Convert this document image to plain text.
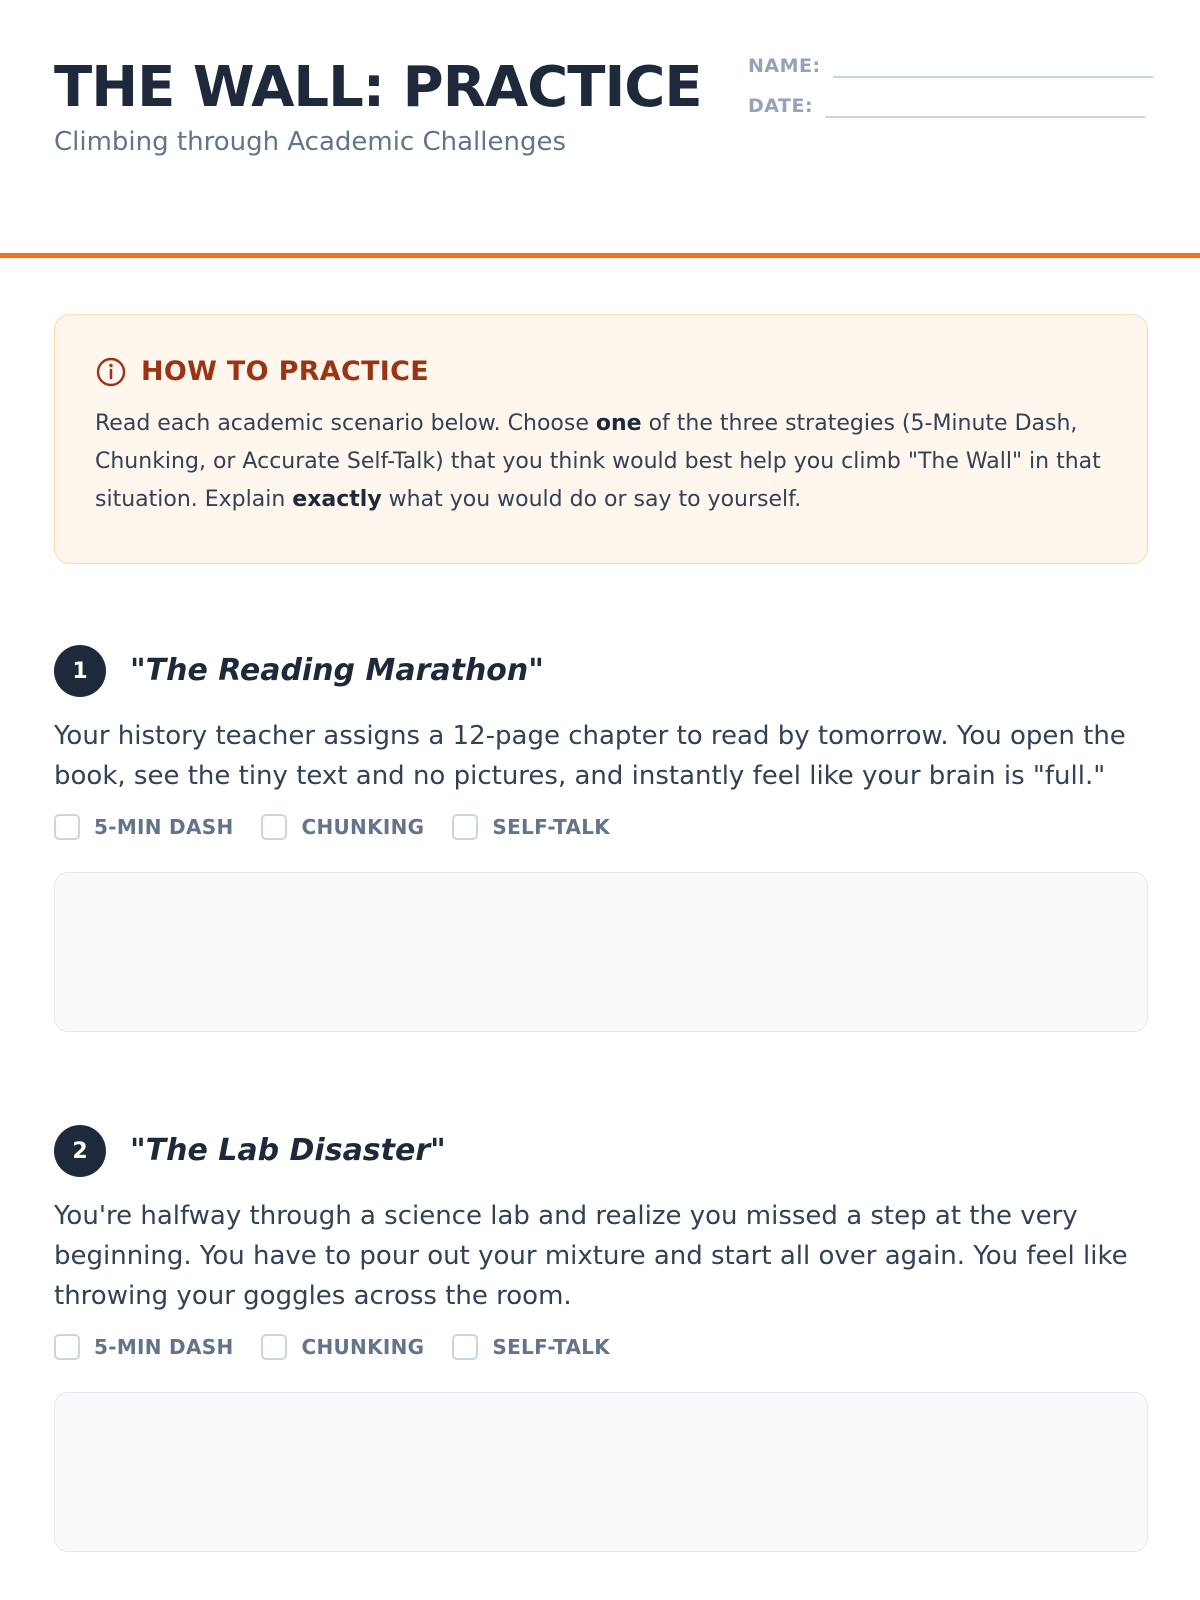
THE WALL: PRACTICE
Climbing through Academic Challenges
NAME:
DATE:
HOW TO PRACTICE

Read each academic scenario below. Choose one of the three strategies (5-Minute Dash, Chunking, or Accurate Self-Talk) that you think would best help you climb "The Wall" in that situation. Explain exactly what you would do or say to yourself.

1	"The Reading Marathon"

Your history teacher assigns a 12-page chapter to read by tomorrow. You open the book, see the tiny text and no pictures, and instantly feel like your brain is "full."

5-MIN DASH	CHUNKING	SELF-TALK
2	"The Lab Disaster"

You're halfway through a science lab and realize you missed a step at the very beginning. You have to pour out your mixture and start all over again. You feel like throwing your goggles across the room.

5-MIN DASH	CHUNKING	SELF-TALK
